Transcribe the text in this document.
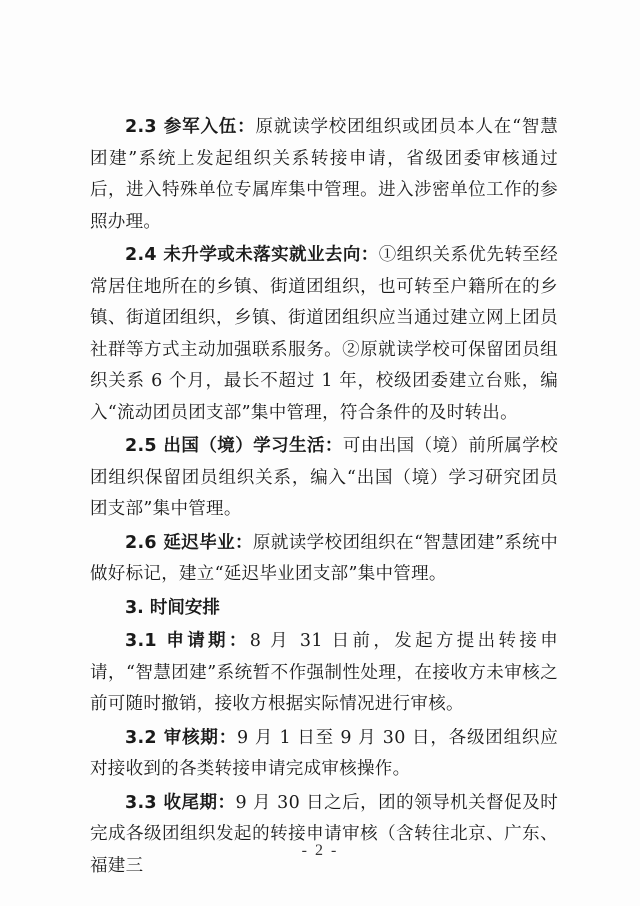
2.3 参军入伍：原就读学校团组织或团员本人在“智慧团建”系统上发起组织关系转接申请，省级团委审核通过后，进入特殊单位专属库集中管理。进入涉密单位工作的参照办理。

2.4 未升学或未落实就业去向：①组织关系优先转至经常居住地所在的乡镇、街道团组织，也可转至户籍所在的乡镇、街道团组织，乡镇、街道团组织应当通过建立网上团员社群等方式主动加强联系服务。②原就读学校可保留团员组织关系 6 个月，最长不超过 1 年，校级团委建立台账，编入“流动团员团支部”集中管理，符合条件的及时转出。

2.5 出国（境）学习生活：可由出国（境）前所属学校团组织保留团员组织关系，编入“出国（境）学习研究团员团支部”集中管理。

2.6 延迟毕业：原就读学校团组织在“智慧团建”系统中做好标记，建立“延迟毕业团支部”集中管理。

3. 时间安排

3.1 申请期：8 月 31 日前，发起方提出转接申请，“智慧团建”系统暂不作强制性处理，在接收方未审核之前可随时撤销，接收方根据实际情况进行审核。

3.2 审核期：9 月 1 日至 9 月 30 日，各级团组织应对接收到的各类转接申请完成审核操作。

3.3 收尾期：9 月 30 日之后，团的领导机关督促及时完成各级团组织发起的转接申请审核（含转往北京、广东、福建三

- 2 -
